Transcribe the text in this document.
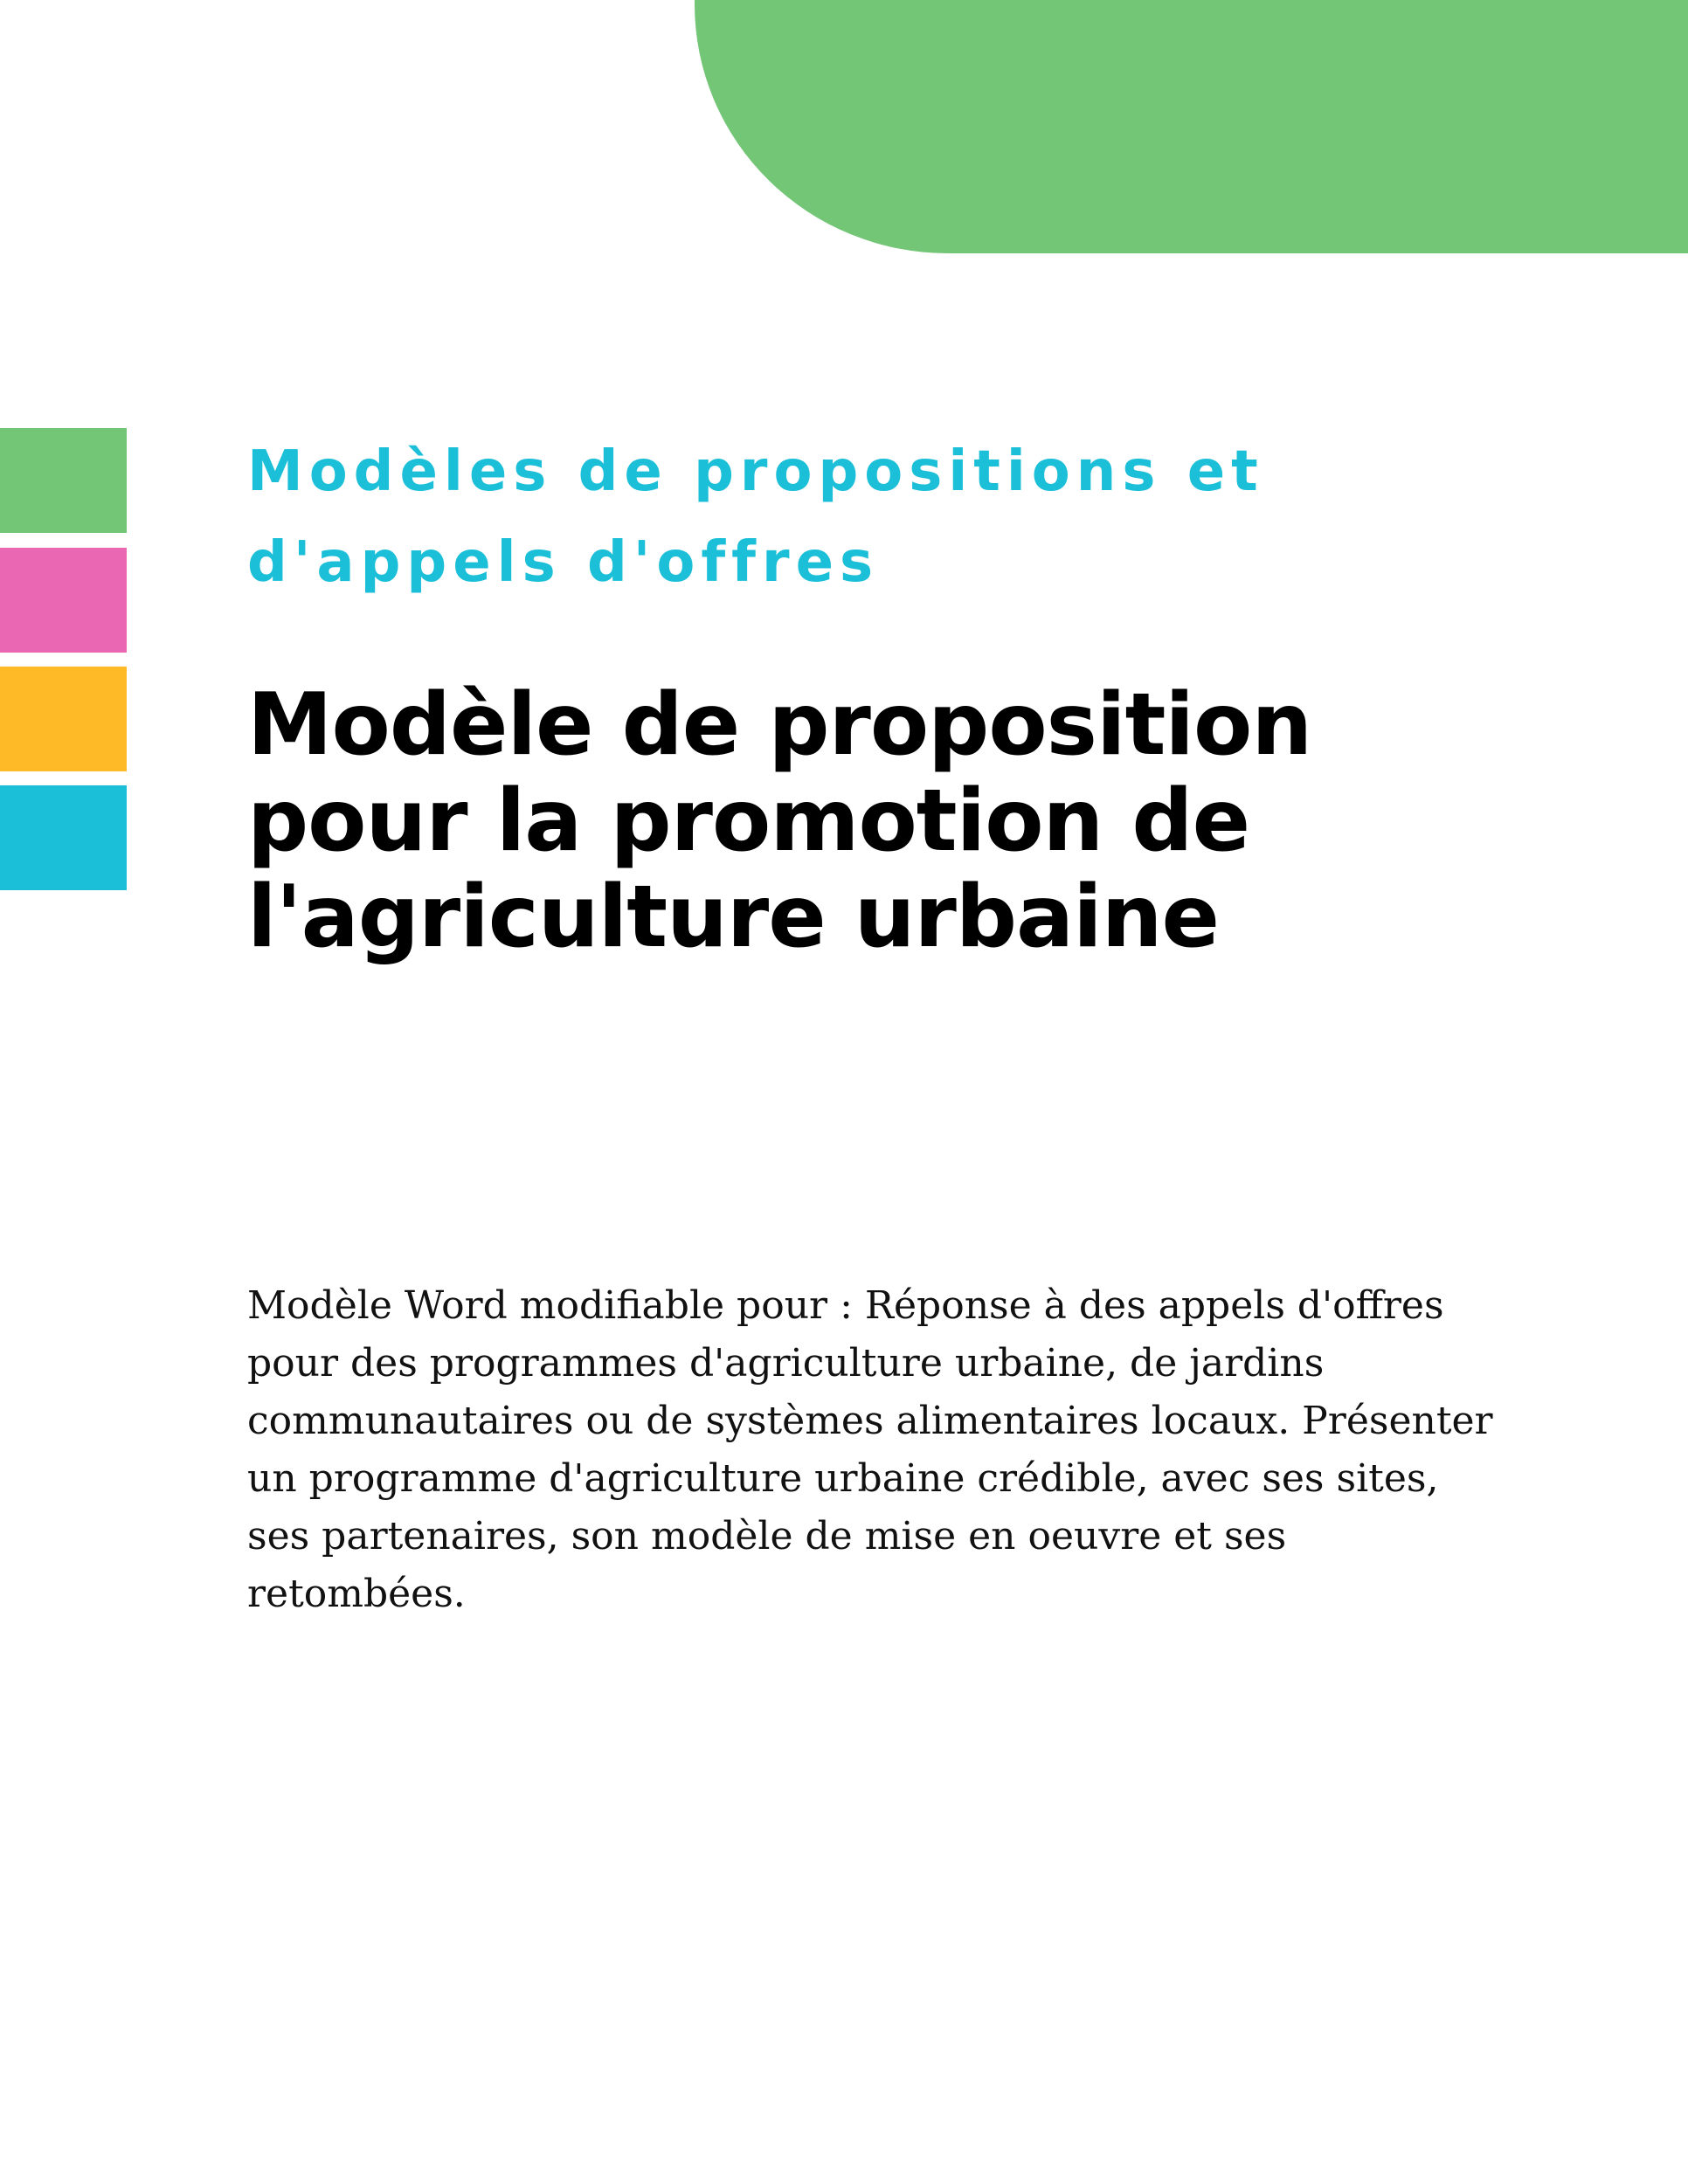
Modèles de propositions et d'appels d'offres
Modèle de proposition pour la promotion de l'agriculture urbaine

Modèle Word modifiable pour : Réponse à des appels d'offres pour des programmes d'agriculture urbaine, de jardins communautaires ou de systèmes alimentaires locaux. Présenter un programme d'agriculture urbaine crédible, avec ses sites, ses partenaires, son modèle de mise en oeuvre et ses retombées.
